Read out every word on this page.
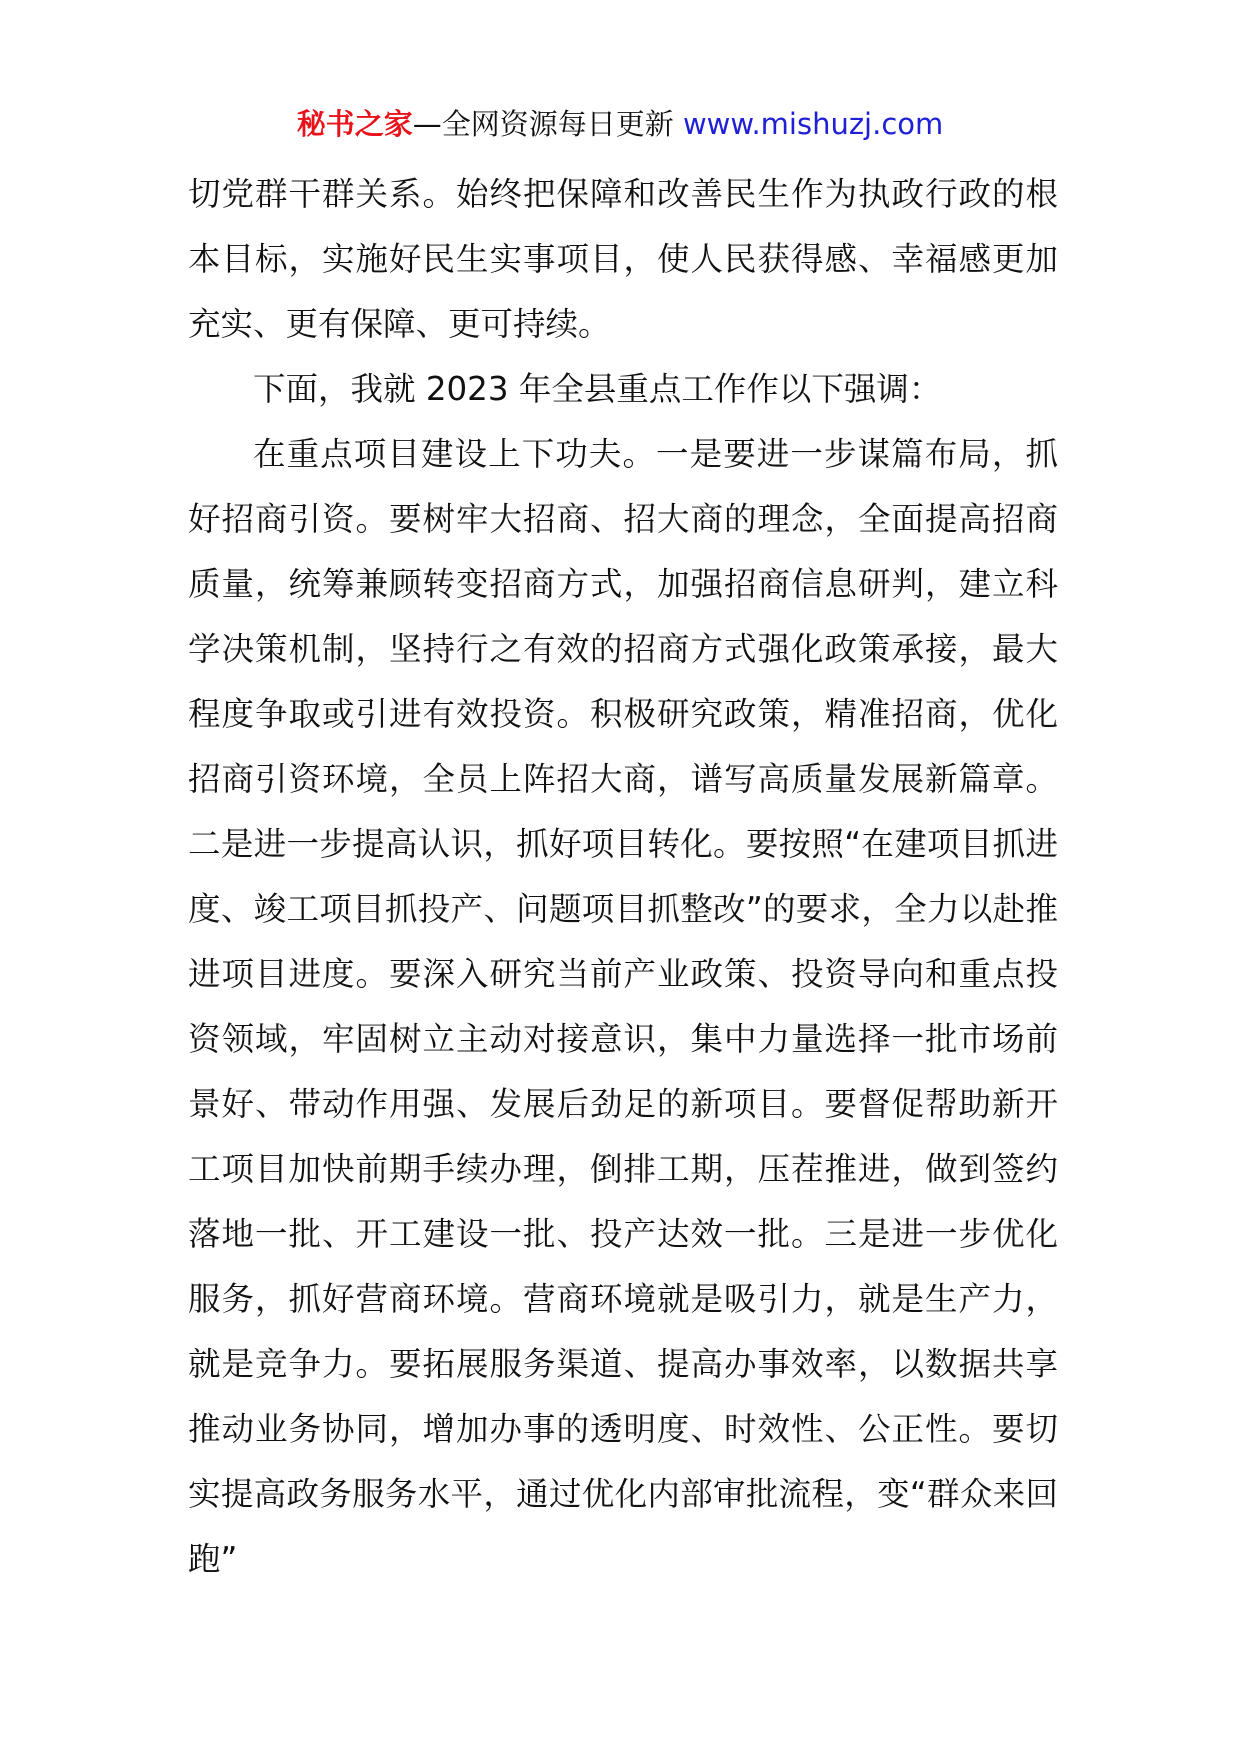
秘书之家—全网资源每日更新 www.mishuzj.com

切党群干群关系。始终把保障和改善民生作为执政行政的根本目标，实施好民生实事项目，使人民获得感、幸福感更加充实、更有保障、更可持续。

下面，我就 2023 年全县重点工作作以下强调：

在重点项目建设上下功夫。一是要进一步谋篇布局，抓好招商引资。要树牢大招商、招大商的理念，全面提高招商质量，统筹兼顾转变招商方式，加强招商信息研判，建立科学决策机制，坚持行之有效的招商方式强化政策承接，最大程度争取或引进有效投资。积极研究政策，精准招商，优化招商引资环境，全员上阵招大商，谱写高质量发展新篇章。二是进一步提高认识，抓好项目转化。要按照“在建项目抓进度、竣工项目抓投产、问题项目抓整改”的要求，全力以赴推进项目进度。要深入研究当前产业政策、投资导向和重点投资领域，牢固树立主动对接意识，集中力量选择一批市场前景好、带动作用强、发展后劲足的新项目。要督促帮助新开工项目加快前期手续办理，倒排工期，压茬推进，做到签约落地一批、开工建设一批、投产达效一批。三是进一步优化服务，抓好营商环境。营商环境就是吸引力，就是生产力，就是竞争力。要拓展服务渠道、提高办事效率，以数据共享推动业务协同，增加办事的透明度、时效性、公正性。要切实提高政务服务水平，通过优化内部审批流程，变“群众来回跑”
